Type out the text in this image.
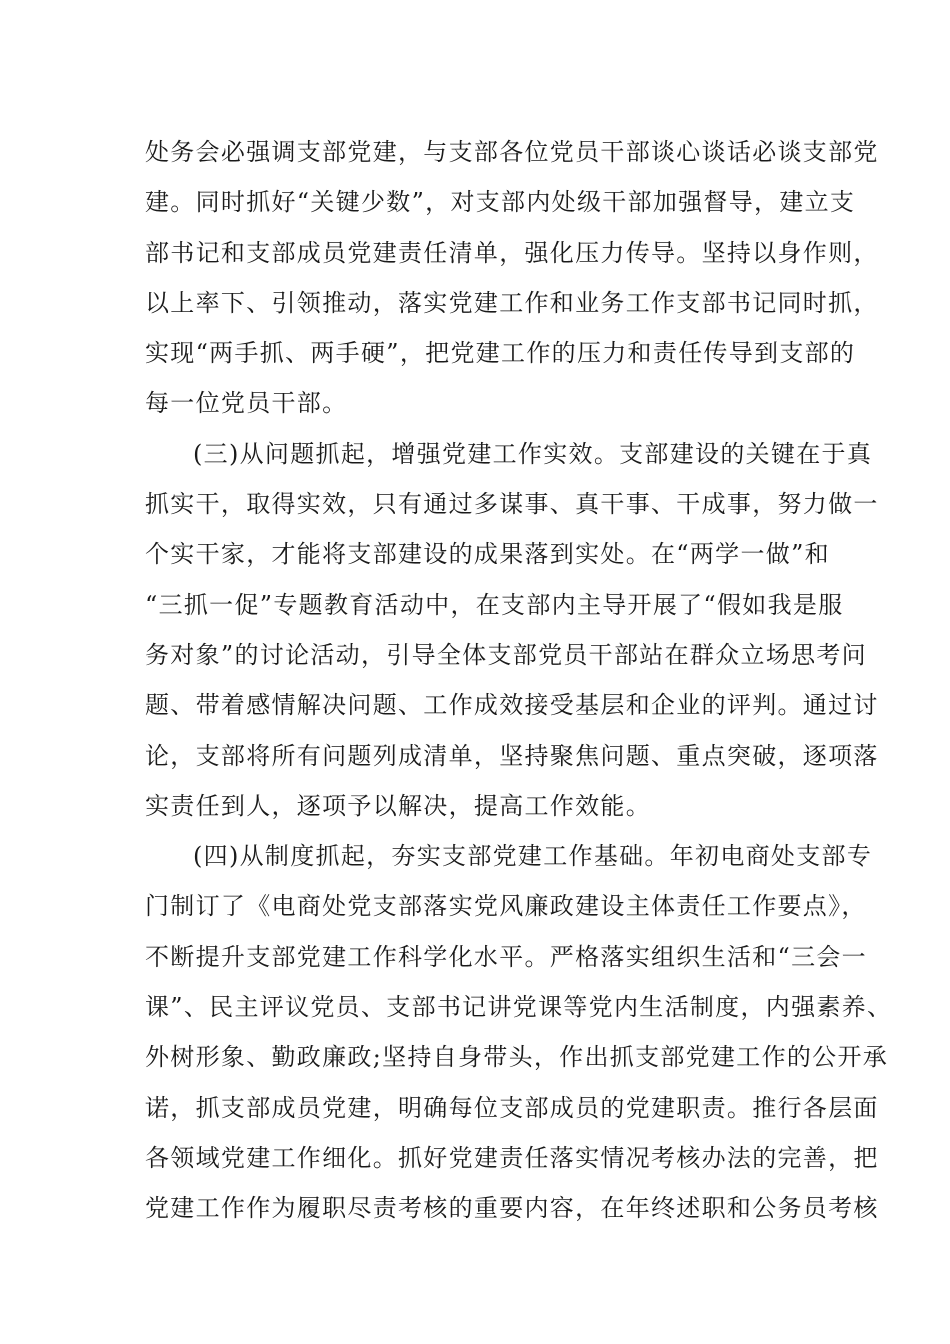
处务会必强调支部党建，与支部各位党员干部谈心谈话必谈支部党
建。同时抓好“关键少数”，对支部内处级干部加强督导，建立支
部书记和支部成员党建责任清单，强化压力传导。坚持以身作则，
以上率下、引领推动，落实党建工作和业务工作支部书记同时抓，
实现“两手抓、两手硬”，把党建工作的压力和责任传导到支部的
每一位党员干部。
(三)从问题抓起，增强党建工作实效。支部建设的关键在于真
抓实干，取得实效，只有通过多谋事、真干事、干成事，努力做一
个实干家，才能将支部建设的成果落到实处。在“两学一做”和
“三抓一促”专题教育活动中，在支部内主导开展了“假如我是服
务对象”的讨论活动，引导全体支部党员干部站在群众立场思考问
题、带着感情解决问题、工作成效接受基层和企业的评判。通过讨
论，支部将所有问题列成清单，坚持聚焦问题、重点突破，逐项落
实责任到人，逐项予以解决，提高工作效能。
(四)从制度抓起，夯实支部党建工作基础。年初电商处支部专
门制订了《电商处党支部落实党风廉政建设主体责任工作要点》，
不断提升支部党建工作科学化水平。严格落实组织生活和“三会一
课”、民主评议党员、支部书记讲党课等党内生活制度，内强素养、
外树形象、勤政廉政;坚持自身带头，作出抓支部党建工作的公开承
诺，抓支部成员党建，明确每位支部成员的党建职责。推行各层面
各领域党建工作细化。抓好党建责任落实情况考核办法的完善，把
党建工作作为履职尽责考核的重要内容，在年终述职和公务员考核
